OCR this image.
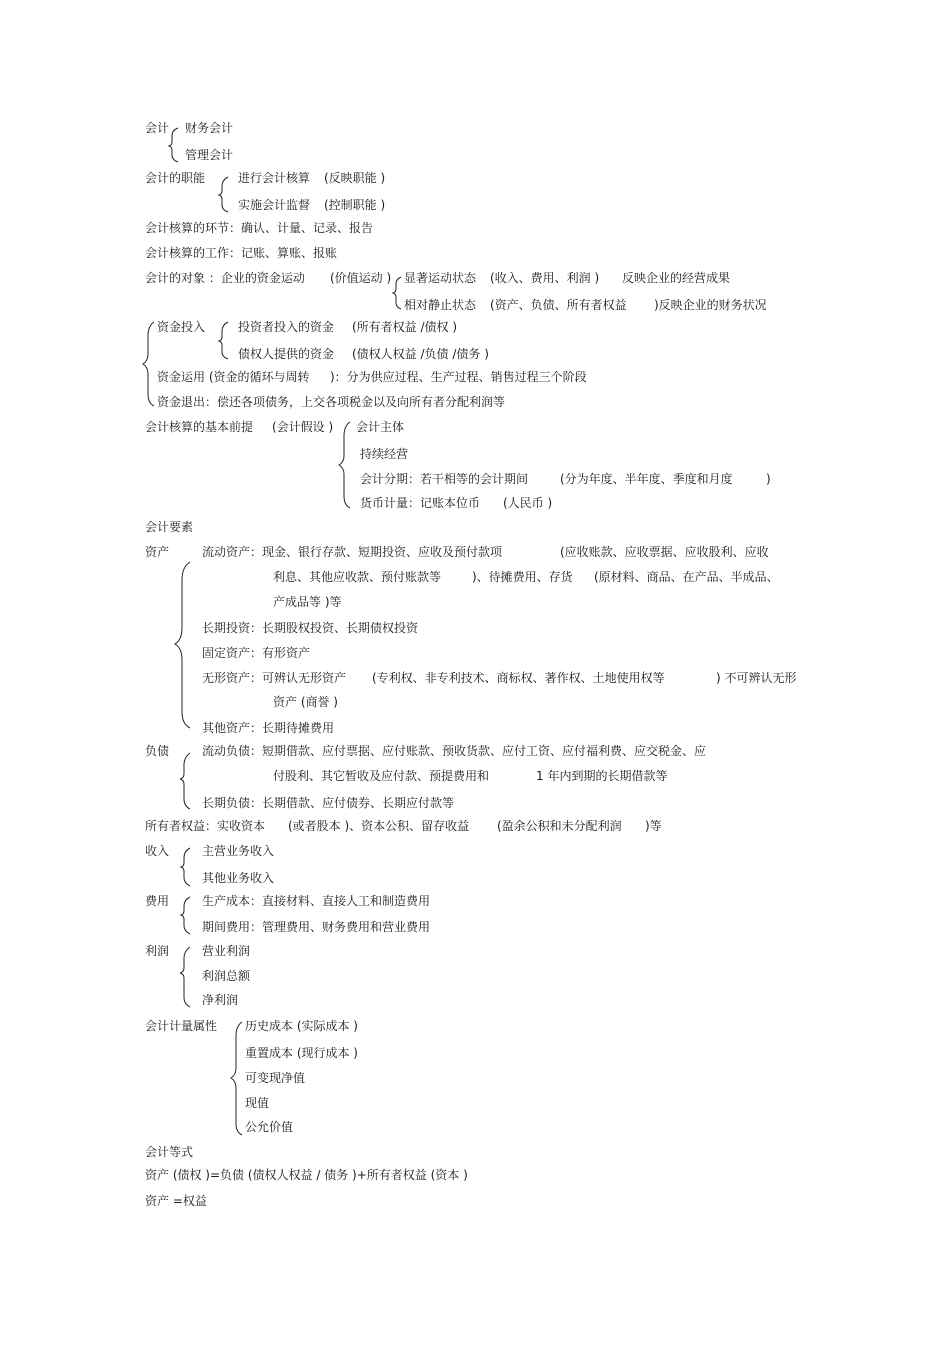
会计 财务会计
管理会计
会计的职能	进行会计核算 (反映职能 )
实施会计监督 (控制职能 )
会计核算的环节：确认、计量、记录、报告
会计核算的工作：记账、算账、报账
会计的对象 ：企业的资金运动 (价值运动 ) 显著运动状态 (收入、费用、利润 ) 反映企业的经营成果
相对静止状态 (资产、负债、所有者权益 )反映企业的财务状况
资金投入	投资者投入的资金 (所有者权益 /债权 )
债权人提供的资金 (债权人权益 /负债 /债务 )
资金运用 (资金的循环与周转 )：分为供应过程、生产过程、销售过程三个阶段
资金退出：偿还各项债务，上交各项税金以及向所有者分配利润等
会计核算的基本前提 (会计假设 ) 会计主体
持续经营
会计分期：若干相等的会计期间	(分为年度、半年度、季度和月度	)
货币计量：记账本位币 (人民币 )
会计要素
资产	流动资产：现金、银行存款、短期投资、应收及预付款项	(应收账款、应收票据、应收股利、应收
利息、其他应收款、预付账款等	)、待摊费用、存货 (原材料、商品、在产品、半成品、
产成品等 )等
长期投资：长期股权投资、长期债权投资
固定资产：有形资产
无形资产：可辨认无形资产 (专利权、非专利技术、商标权、著作权、土地使用权等	) 不可辨认无形
资产 (商誉 )
其他资产：长期待摊费用
负债	流动负债：短期借款、应付票据、应付账款、预收货款、应付工资、应付福利费、应交税金、应
付股利、其它暂收及应付款、预提费用和	1 年内到期的长期借款等
长期负债：长期借款、应付债券、长期应付款等
所有者权益：实收资本 (或者股本 )、资本公积、留存收益 (盈余公积和未分配利润 )等
收入	主营业务收入
其他业务收入
费用	生产成本：直接材料、直接人工和制造费用
期间费用：管理费用、财务费用和营业费用
利润	营业利润
利润总额
净利润
会计计量属性 历史成本 (实际成本 )
重置成本 (现行成本 )
可变现净值
现值
公允价值
会计等式
资产 (债权 )=负债 (债权人权益 / 债务 )+所有者权益 (资本 )
资产 =权益
